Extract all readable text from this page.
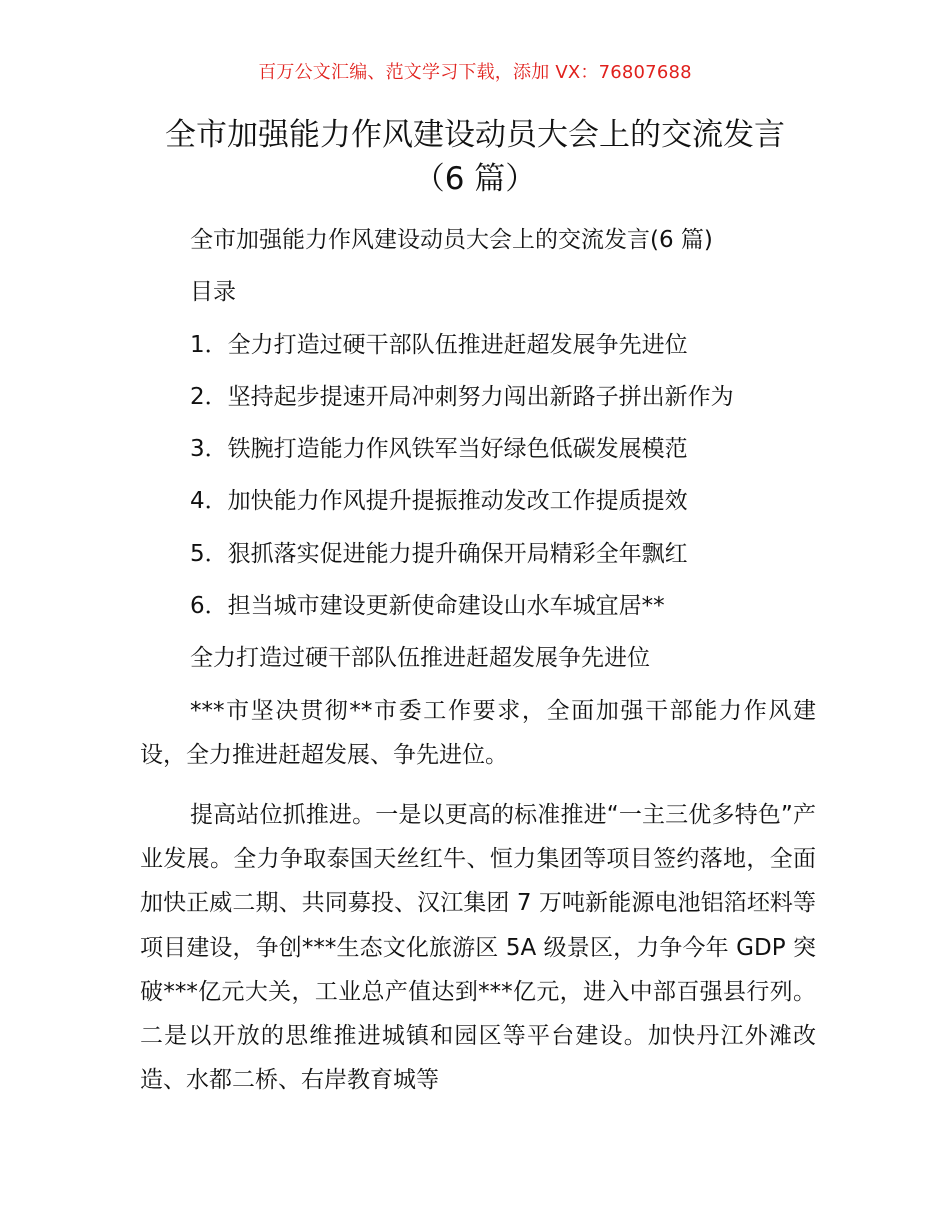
百万公文汇编、范文学习下载，添加 VX：76807688
全市加强能力作风建设动员大会上的交流发言
（6 篇）
全市加强能力作风建设动员大会上的交流发言(6 篇)
目录
1．全力打造过硬干部队伍推进赶超发展争先进位
2．坚持起步提速开局冲刺努力闯出新路子拼出新作为
3．铁腕打造能力作风铁军当好绿色低碳发展模范
4．加快能力作风提升提振推动发改工作提质提效
5．狠抓落实促进能力提升确保开局精彩全年飘红
6．担当城市建设更新使命建设山水车城宜居**
全力打造过硬干部队伍推进赶超发展争先进位
***市坚决贯彻**市委工作要求，全面加强干部能力作风建设，全力推进赶超发展、争先进位。
提高站位抓推进。一是以更高的标准推进“一主三优多特色”产业发展。全力争取泰国天丝红牛、恒力集团等项目签约落地，全面加快正威二期、共同募投、汉江集团 7 万吨新能源电池铝箔坯料等项目建设，争创***生态文化旅游区 5A 级景区，力争今年 GDP 突破***亿元大关，工业总产值达到***亿元，进入中部百强县行列。二是以开放的思维推进城镇和园区等平台建设。加快丹江外滩改造、水都二桥、右岸教育城等
